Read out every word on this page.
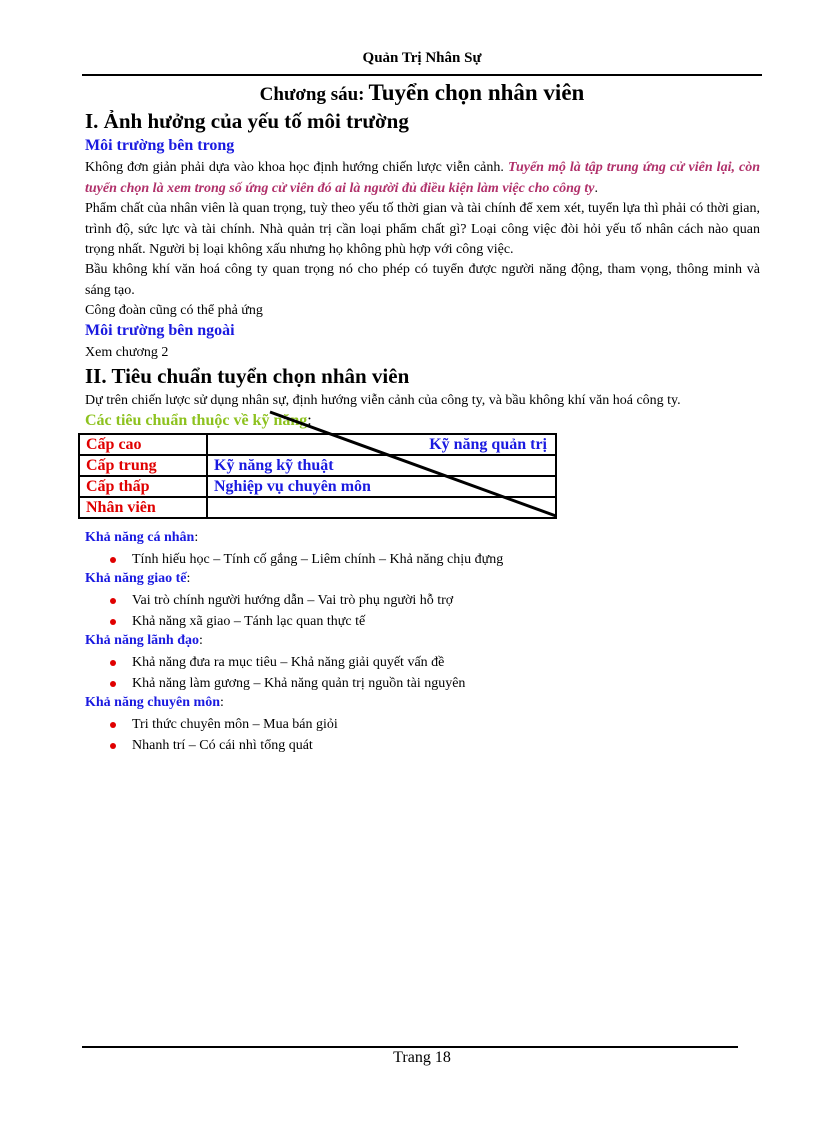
Quản Trị Nhân Sự
Chương sáu: Tuyển chọn nhân viên
I. Ảnh hưởng của yếu tố môi trường
Môi trường bên trong

Không đơn giản phải dựa vào khoa học định hướng chiến lược viễn cảnh. Tuyển mộ là tập trung ứng cử viên lại, còn tuyển chọn là xem trong số ứng cử viên đó ai là người đủ điều kiện làm việc cho công ty.

Phẩm chất của nhân viên là quan trọng, tuỳ theo yếu tố thời gian và tài chính để xem xét, tuyển lựa thì phải có thời gian, trình độ, sức lực và tài chính. Nhà quản trị cần loại phẩm chất gì? Loại công việc đòi hỏi yếu tố nhân cách nào quan trọng nhất. Người bị loại không xấu nhưng họ không phù hợp với công việc.

Bầu không khí văn hoá công ty quan trọng nó cho phép có tuyển được người năng động, tham vọng, thông minh và sáng tạo.

Công đoàn cũng có thể phả ứng

Môi trường bên ngoài

Xem chương 2

II. Tiêu chuẩn tuyển chọn nhân viên

Dự trên chiến lược sử dụng nhân sự, định hướng viễn cảnh của công ty, và bầu không khí văn hoá công ty.

Các tiêu chuẩn thuộc về kỹ năng:
Cấp cao	Kỹ năng quản trị
Cấp trung	Kỹ năng kỹ thuật
Cấp thấp	Nghiệp vụ chuyên môn
Nhân viên	
Khả năng cá nhân:
Tính hiếu học – Tính cố gắng – Liêm chính – Khả năng chịu đựng
Khả năng giao tế:
Vai trò chính người hướng dẫn – Vai trò phụ người hỗ trợ
Khả năng xã giao – Tánh lạc quan thực tế
Khả năng lãnh đạo:
Khả năng đưa ra mục tiêu – Khả năng giải quyết vấn đề
Khả năng làm gương – Khả năng quản trị nguồn tài nguyên
Khả năng chuyên môn:
Tri thức chuyên môn – Mua bán giỏi
Nhanh trí – Có cái nhì tổng quát
Trang 18
